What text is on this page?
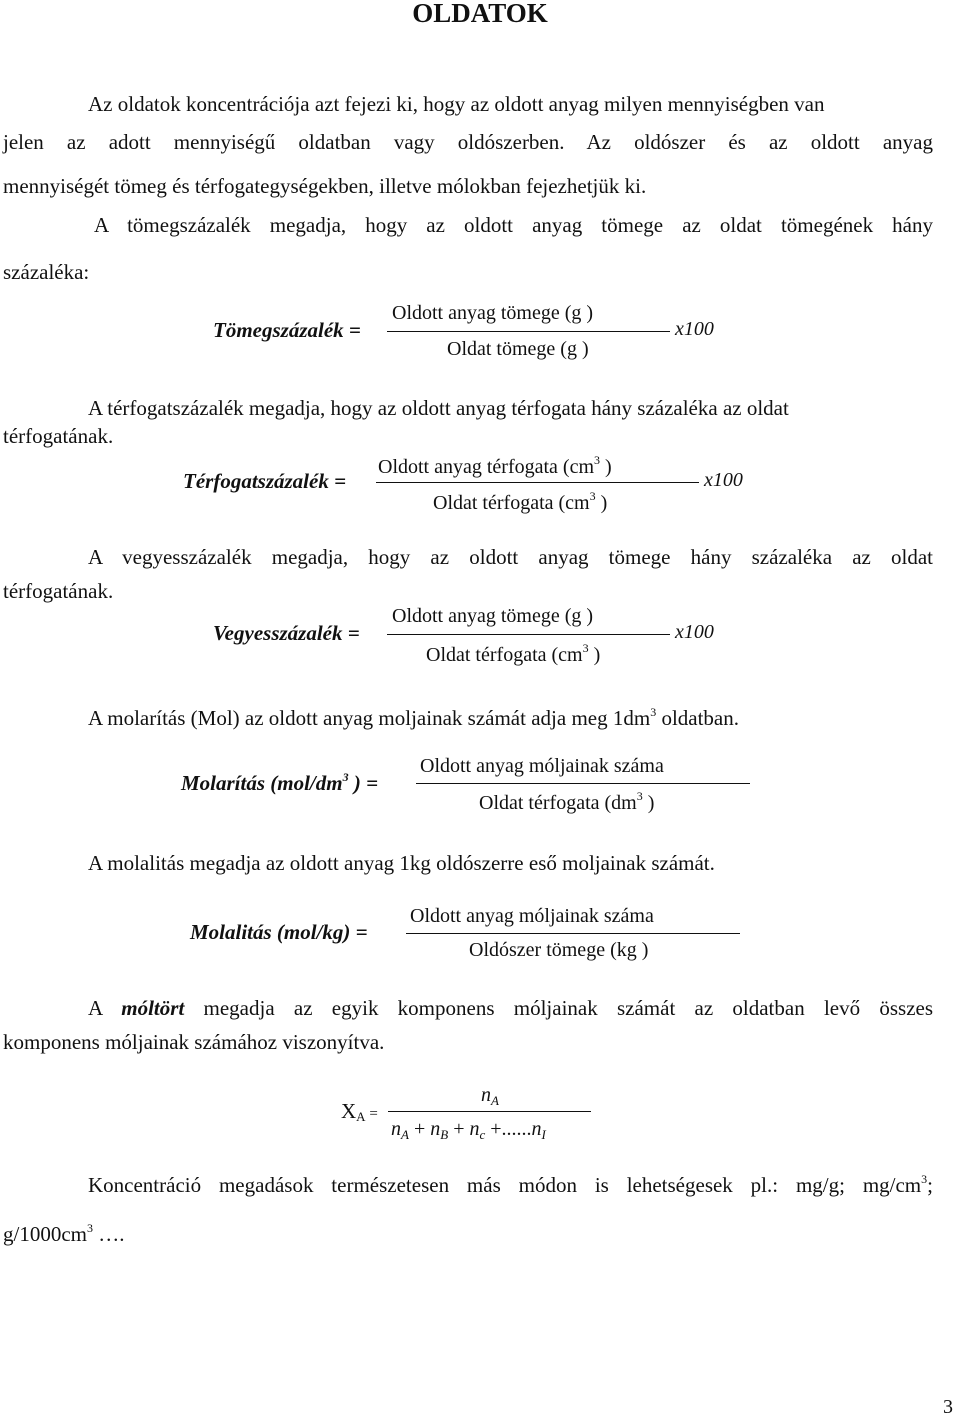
OLDATOK
Az oldatok koncentrációja azt fejezi ki, hogy az oldott anyag milyen mennyiségben van
jelen az adott mennyiségű oldatban vagy oldószerben. Az oldószer és az oldott anyag
mennyiségét tömeg és térfogategységekben, illetve mólokban fejezhetjük ki.
A tömegszázalék megadja, hogy az oldott anyag tömege az oldat tömegének hány
százaléka:
Tömegszázalék =
Oldott anyag tömege (g )
Oldat tömege (g )
x100
A térfogatszázalék megadja, hogy az oldott anyag térfogata hány százaléka az oldat
térfogatának.
Térfogatszázalék =
Oldott anyag térfogata ($cm^3$ )
Oldat térfogata ($cm^3$ )
x100
A vegyesszázalék megadja, hogy az oldott anyag tömege hány százaléka az oldat
térfogatának.
Vegyesszázalék =
Oldott anyag tömege (g )
Oldat térfogata ($cm^3$ )
x100
A molarítás (Mol) az oldott anyag moljainak számát adja meg $1dm^3$ oldatban.
Molarítás ($mol/dm^3$ ) =
Oldott anyag móljainak száma
Oldat térfogata ($dm^3$ )
A molalitás megadja az oldott anyag 1kg oldószerre eső moljainak számát.
Molalitás (mol/kg) =
Oldott anyag móljainak száma
Oldószer tömege (kg )
A móltört megadja az egyik komponens móljainak számát az oldatban levő összes
komponens móljainak számához viszonyítva.
XA =
$n_A$
$n_A + n_B + n_c +......n_I$
Koncentráció megadások természetesen más módon is lehetségesek pl.: mg/g; $mg/cm^3$;
$g/1000cm^3$ ….
3
